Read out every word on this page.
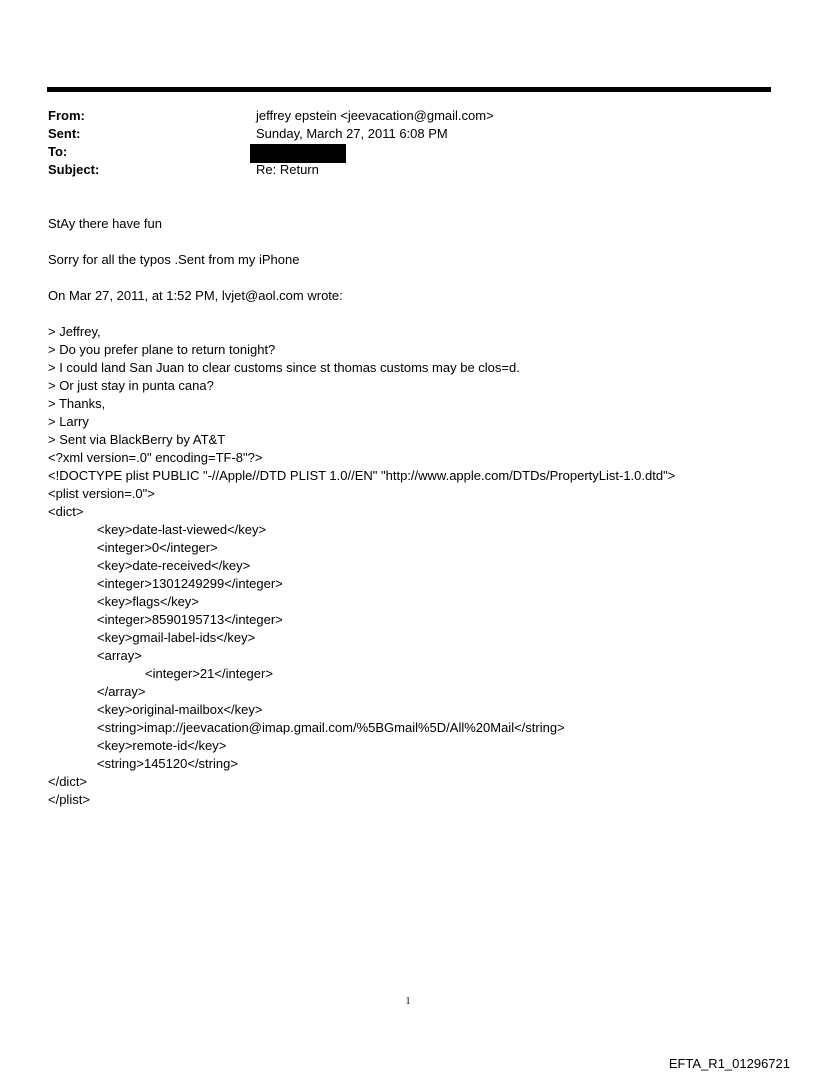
From:	jeffrey epstein <jeevacation@gmail.com>
Sent:	Sunday, March 27, 2011 6:08 PM
To:
Subject:	Re: Return
StAy there have fun
Sorry for all the typos .Sent from my iPhone
On Mar 27, 2011, at 1:52 PM, lvjet@aol.com wrote:
> Jeffrey,
> Do you prefer plane to return tonight?
> I could land San Juan to clear customs since st thomas customs may be clos=d.
> Or just stay in punta cana?
> Thanks,
> Larry
> Sent via BlackBerry by AT&T
<?xml version=.0" encoding=TF-8"?>
<!DOCTYPE plist PUBLIC "-//Apple//DTD PLIST 1.0//EN" "http://www.apple.com/DTDs/PropertyList-1.0.dtd">
<plist version=.0">
<dict>
<key>date-last-viewed</key>
<integer>0</integer>
<key>date-received</key>
<integer>1301249299</integer>
<key>flags</key>
<integer>8590195713</integer>
<key>gmail-label-ids</key>
<array>
<integer>21</integer>
</array>
<key>original-mailbox</key>
<string>imap://jeevacation@imap.gmail.com/%5BGmail%5D/All%20Mail</string>
<key>remote-id</key>
<string>145120</string>
</dict>
</plist>
1
EFTA_R1_01296721
